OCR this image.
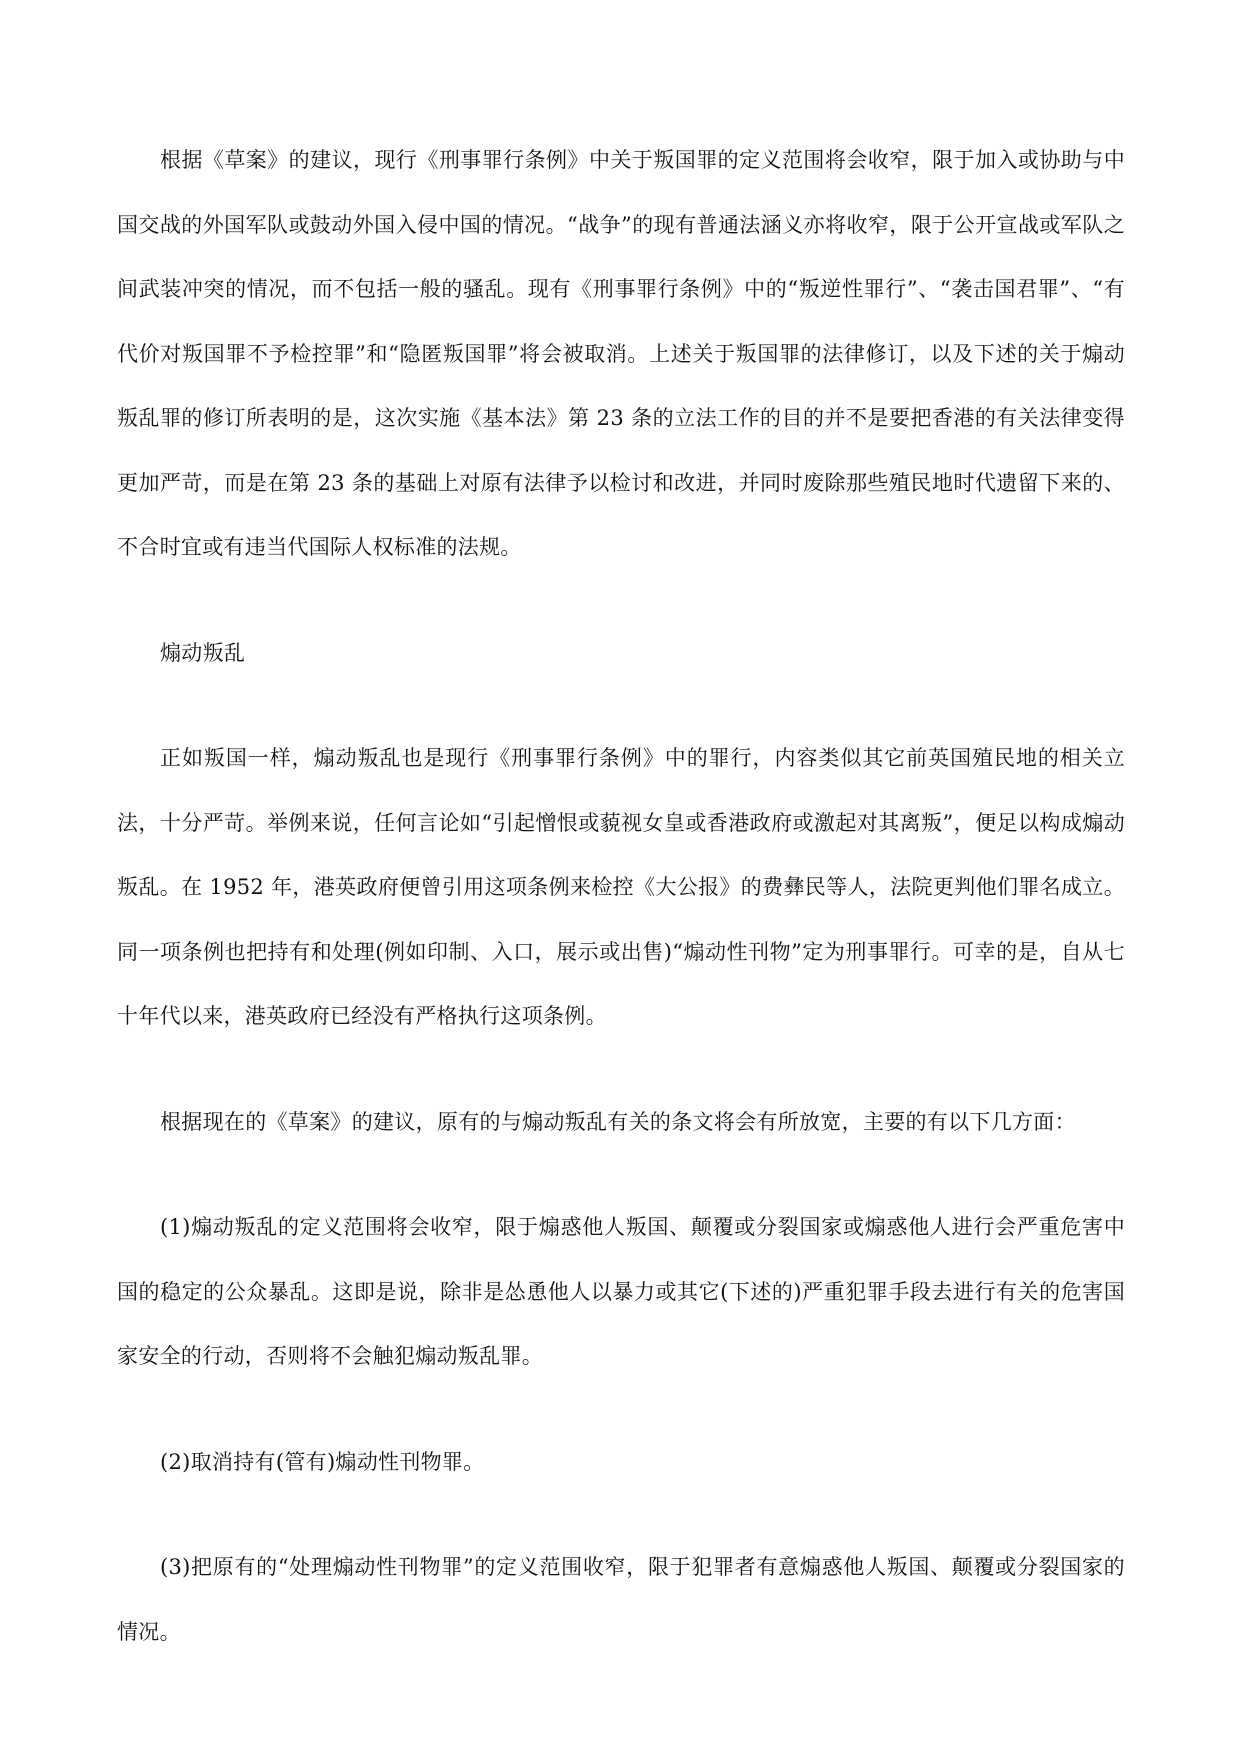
根据《草案》的建议，现行《刑事罪行条例》中关于叛国罪的定义范围将会收窄，限于加入或协助与中国交战的外国军队或鼓动外国入侵中国的情况。“战争”的现有普通法涵义亦将收窄，限于公开宣战或军队之间武装冲突的情况，而不包括一般的骚乱。现有《刑事罪行条例》中的“叛逆性罪行”、“袭击国君罪”、“有代价对叛国罪不予检控罪”和“隐匿叛国罪”将会被取消。上述关于叛国罪的法律修订，以及下述的关于煽动叛乱罪的修订所表明的是，这次实施《基本法》第 23 条的立法工作的目的并不是要把香港的有关法律变得更加严苛，而是在第 23 条的基础上对原有法律予以检讨和改进，并同时废除那些殖民地时代遗留下来的、不合时宜或有违当代国际人权标准的法规。

煽动叛乱

正如叛国一样，煽动叛乱也是现行《刑事罪行条例》中的罪行，内容类似其它前英国殖民地的相关立法，十分严苛。举例来说，任何言论如“引起憎恨或藐视女皇或香港政府或激起对其离叛”，便足以构成煽动叛乱。在 1952 年，港英政府便曾引用这项条例来检控《大公报》的费彝民等人，法院更判他们罪名成立。同一项条例也把持有和处理(例如印制、入口，展示或出售)“煽动性刊物”定为刑事罪行。可幸的是，自从七十年代以来，港英政府已经没有严格执行这项条例。

根据现在的《草案》的建议，原有的与煽动叛乱有关的条文将会有所放宽，主要的有以下几方面：

(1)煽动叛乱的定义范围将会收窄，限于煽惑他人叛国、颠覆或分裂国家或煽惑他人进行会严重危害中国的稳定的公众暴乱。这即是说，除非是怂恿他人以暴力或其它(下述的)严重犯罪手段去进行有关的危害国家安全的行动，否则将不会触犯煽动叛乱罪。

(2)取消持有(管有)煽动性刊物罪。

(3)把原有的“处理煽动性刊物罪”的定义范围收窄，限于犯罪者有意煽惑他人叛国、颠覆或分裂国家的情况。
